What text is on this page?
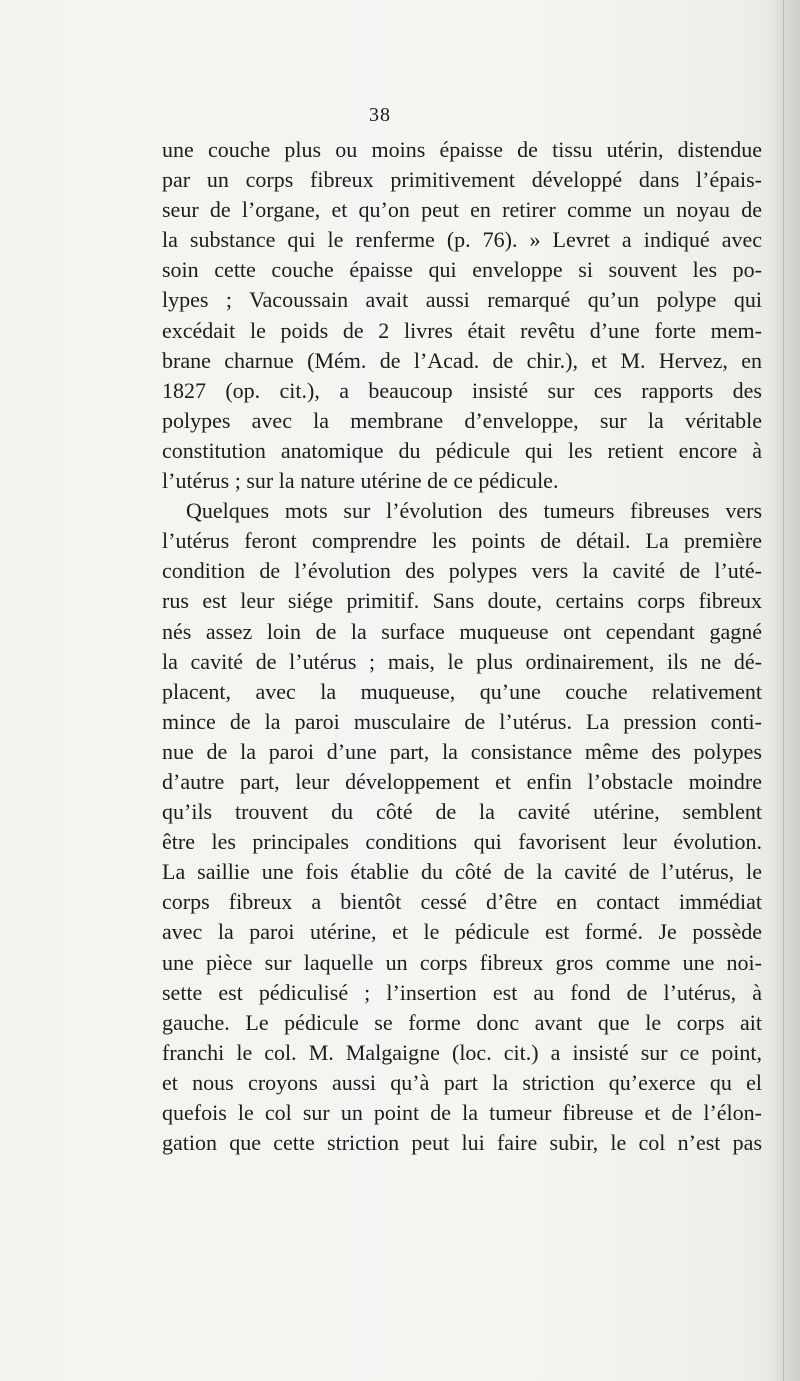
38

une couche plus ou moins épaisse de tissu utérin, distendue
par un corps fibreux primitivement développé dans l’épais-
seur de l’organe, et qu’on peut en retirer comme un noyau de
la substance qui le renferme (p. 76). » Levret a indiqué avec
soin cette couche épaisse qui enveloppe si souvent les po-
lypes ; Vacoussain avait aussi remarqué qu’un polype qui
excédait le poids de 2 livres était revêtu d’une forte mem-
brane charnue (Mém. de l’Acad. de chir.), et M. Hervez, en
1827 (op. cit.), a beaucoup insisté sur ces rapports des
polypes avec la membrane d’enveloppe, sur la véritable
constitution anatomique du pédicule qui les retient encore à
l’utérus ; sur la nature utérine de ce pédicule.
Quelques mots sur l’évolution des tumeurs fibreuses vers
l’utérus feront comprendre les points de détail. La première
condition de l’évolution des polypes vers la cavité de l’uté-
rus est leur siége primitif. Sans doute, certains corps fibreux
nés assez loin de la surface muqueuse ont cependant gagné
la cavité de l’utérus ; mais, le plus ordinairement, ils ne dé-
placent, avec la muqueuse, qu’une couche relativement
mince de la paroi musculaire de l’utérus. La pression conti-
nue de la paroi d’une part, la consistance même des polypes
d’autre part, leur développement et enfin l’obstacle moindre
qu’ils trouvent du côté de la cavité utérine, semblent
être les principales conditions qui favorisent leur évolution.
La saillie une fois établie du côté de la cavité de l’utérus, le
corps fibreux a bientôt cessé d’être en contact immédiat
avec la paroi utérine, et le pédicule est formé. Je possède
une pièce sur laquelle un corps fibreux gros comme une noi-
sette est pédiculisé ; l’insertion est au fond de l’utérus, à
gauche. Le pédicule se forme donc avant que le corps ait
franchi le col. M. Malgaigne (loc. cit.) a insisté sur ce point,
et nous croyons aussi qu’à part la striction qu’exerce qu el
quefois le col sur un point de la tumeur fibreuse et de l’élon-
gation que cette striction peut lui faire subir, le col n’est pas
